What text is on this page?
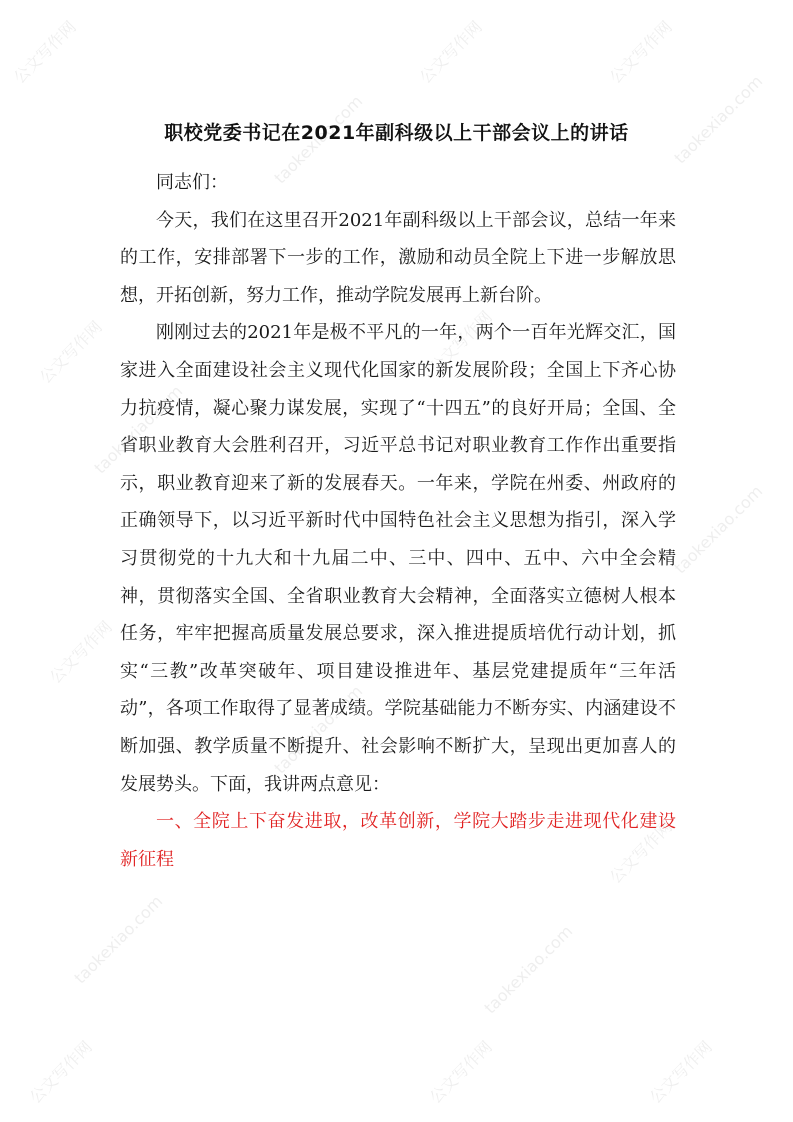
公文写作网
taokexiao.com
公文写作网	公文写作网
taokexiao.com
公文写作网
taokexiao.com
公文写作网
taokexiao.com
公文写作网
taokexiao.com
公文写作网
taokexiao.com	taokexiao.com
公文写作网	公文写作网	公文写作网
职校党委书记在2021年副科级以上干部会议上的讲话

同志们：

今天，我们在这里召开2021年副科级以上干部会议，总结一年来的工作，安排部署下一步的工作，激励和动员全院上下进一步解放思想，开拓创新，努力工作，推动学院发展再上新台阶。

刚刚过去的2021年是极不平凡的一年，两个一百年光辉交汇，国家进入全面建设社会主义现代化国家的新发展阶段；全国上下齐心协力抗疫情，凝心聚力谋发展，实现了“十四五”的良好开局；全国、全省职业教育大会胜利召开，习近平总书记对职业教育工作作出重要指示，职业教育迎来了新的发展春天。一年来，学院在州委、州政府的正确领导下，以习近平新时代中国特色社会主义思想为指引，深入学习贯彻党的十九大和十九届二中、三中、四中、五中、六中全会精神，贯彻落实全国、全省职业教育大会精神，全面落实立德树人根本任务，牢牢把握高质量发展总要求，深入推进提质培优行动计划，抓实“三教”改革突破年、项目建设推进年、基层党建提质年“三年活动”，各项工作取得了显著成绩。学院基础能力不断夯实、内涵建设不断加强、教学质量不断提升、社会影响不断扩大，呈现出更加喜人的发展势头。下面，我讲两点意见：

一、全院上下奋发进取，改革创新，学院大踏步走进现代化建设新征程
